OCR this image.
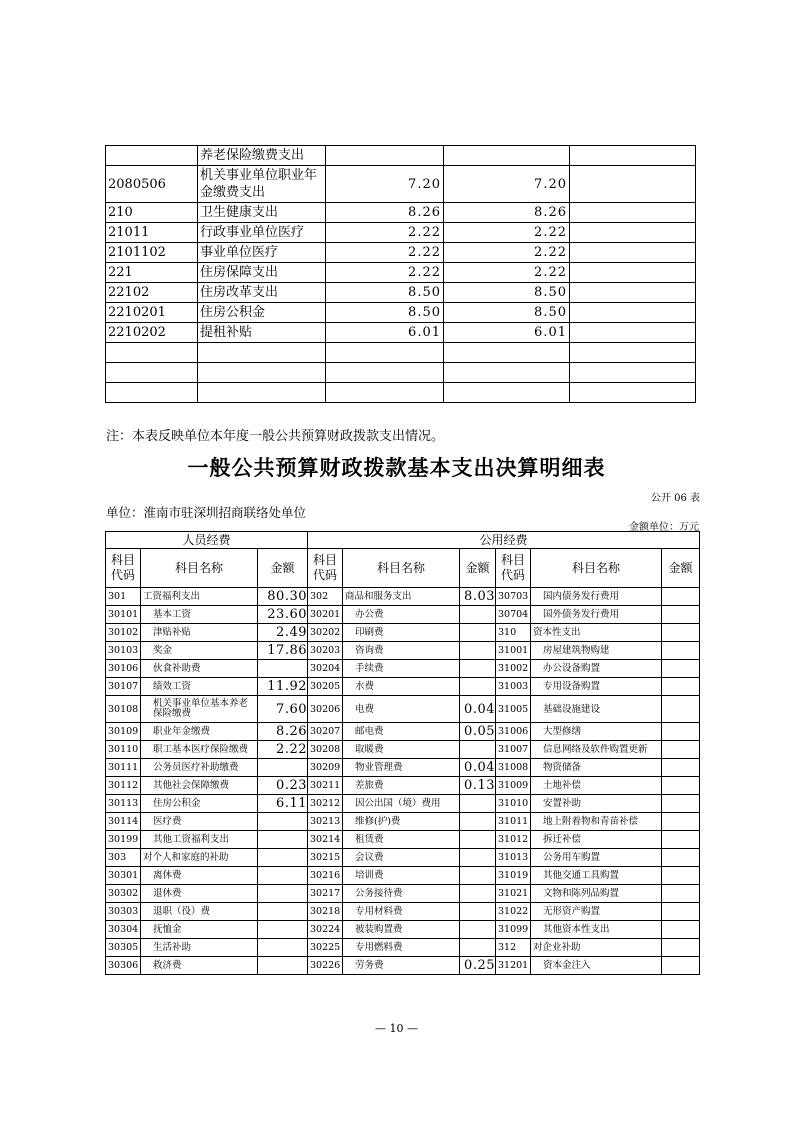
	养老保险缴费支出			
2080506	机关事业单位职业年金缴费支出	7.20	7.20	
210	卫生健康支出	8.26	8.26	
21011	行政事业单位医疗	2.22	2.22	
2101102	事业单位医疗	2.22	2.22	
221	住房保障支出	2.22	2.22	
22102	住房改革支出	8.50	8.50	
2210201	住房公积金	8.50	8.50	
2210202	提租补贴	6.01	6.01	

注：本表反映单位本年度一般公共预算财政拨款支出情况。
一般公共预算财政拨款基本支出决算明细表
公开 06 表
单位：淮南市驻深圳招商联络处单位
金额单位：万元
人员经费			公用经费					
科目代码	科目名称	金额	科目代码	科目名称	金额	科目代码	科目名称	金额
301	工资福利支出	80.30	302	商品和服务支出	8.03	30703	国内债务发行费用	
30101	基本工资	23.60	30201	办公费		30704	国外债务发行费用	
30102	津贴补贴	2.49	30202	印刷费		310	资本性支出	
30103	奖金	17.86	30203	咨询费		31001	房屋建筑物购建	
30106	伙食补助费		30204	手续费		31002	办公设备购置	
30107	绩效工资	11.92	30205	水费		31003	专用设备购置	
30108	机关事业单位基本养老保险缴费	7.60	30206	电费	0.04	31005	基础设施建设	
30109	职业年金缴费	8.26	30207	邮电费	0.05	31006	大型修缮	
30110	职工基本医疗保险缴费	2.22	30208	取暖费		31007	信息网络及软件购置更新	
30111	公务员医疗补助缴费		30209	物业管理费	0.04	31008	物资储备	
30112	其他社会保障缴费	0.23	30211	差旅费	0.13	31009	土地补偿	
30113	住房公积金	6.11	30212	因公出国（境）费用		31010	安置补助	
30114	医疗费		30213	维修(护)费		31011	地上附着物和青苗补偿	
30199	其他工资福利支出		30214	租赁费		31012	拆迁补偿	
303	对个人和家庭的补助		30215	会议费		31013	公务用车购置	
30301	离休费		30216	培训费		31019	其他交通工具购置	
30302	退休费		30217	公务接待费		31021	文物和陈列品购置	
30303	退职（役）费		30218	专用材料费		31022	无形资产购置	
30304	抚恤金		30224	被装购置费		31099	其他资本性支出	
30305	生活补助		30225	专用燃料费		312	对企业补助	
30306	救济费		30226	劳务费	0.25	31201	资本金注入	
— 10 —
